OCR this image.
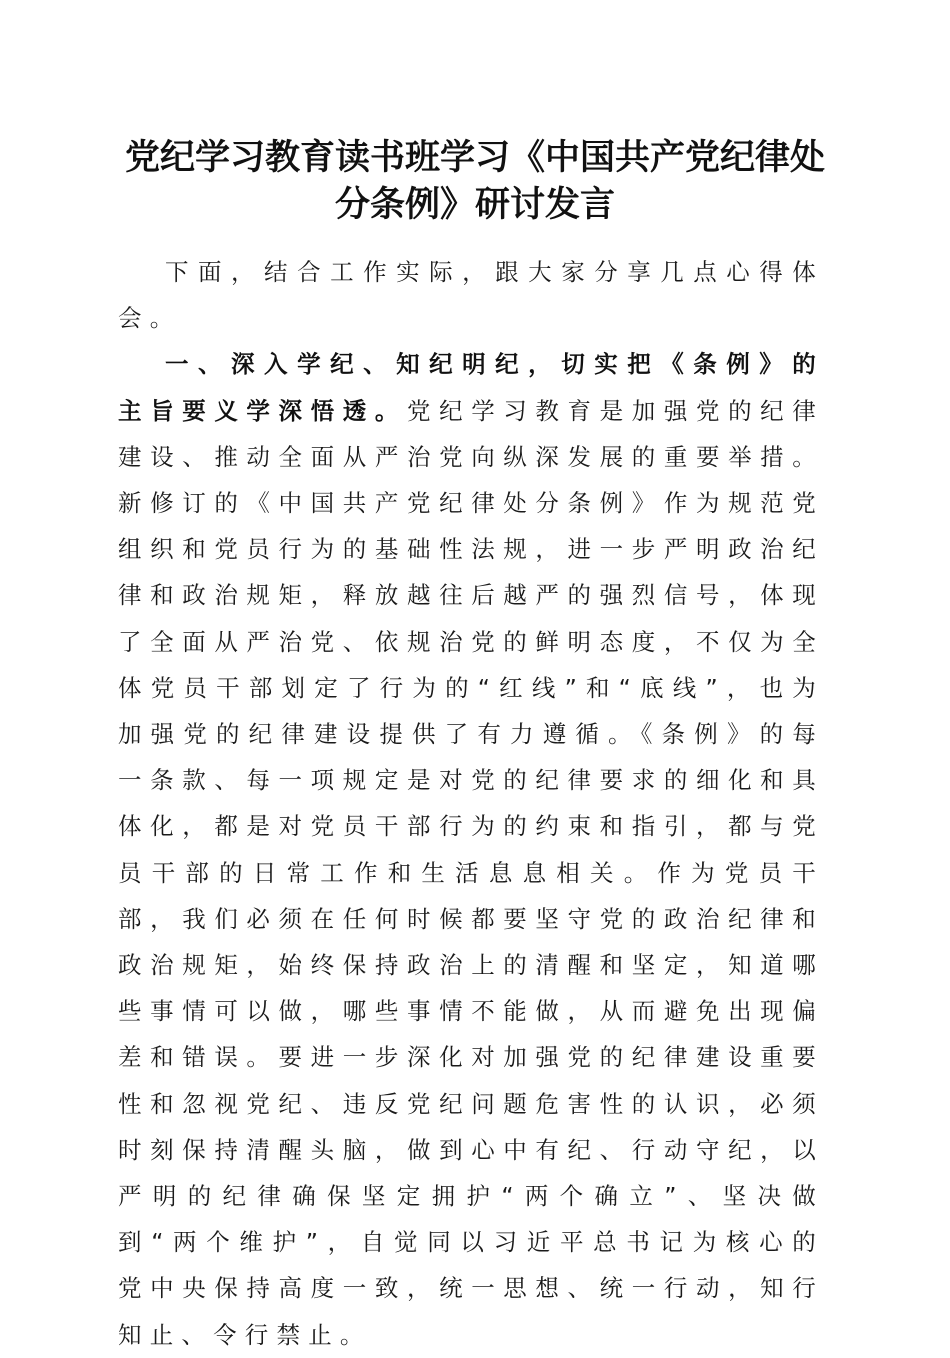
党纪学习教育读书班学习《中国共产党纪律处
分条例》研讨发言

下面，结合工作实际，跟大家分享几点心得体会。

一、深入学纪、知纪明纪，切实把《条例》的主旨要义学深悟透。党纪学习教育是加强党的纪律建设、推动全面从严治党向纵深发展的重要举措。新修订的《中国共产党纪律处分条例》作为规范党组织和党员行为的基础性法规，进一步严明政治纪律和政治规矩，释放越往后越严的强烈信号，体现了全面从严治党、依规治党的鲜明态度，不仅为全体党员干部划定了行为的“红线”和“底线”，也为加强党的纪律建设提供了有力遵循。《条例》的每一条款、每一项规定是对党的纪律要求的细化和具体化，都是对党员干部行为的约束和指引，都与党员干部的日常工作和生活息息相关。作为党员干部，我们必须在任何时候都要坚守党的政治纪律和政治规矩，始终保持政治上的清醒和坚定，知道哪些事情可以做，哪些事情不能做，从而避免出现偏差和错误。要进一步深化对加强党的纪律建设重要性和忽视党纪、违反党纪问题危害性的认识，必须时刻保持清醒头脑，做到心中有纪、行动守纪，以严明的纪律确保坚定拥护“两个确立”、坚决做到“两个维护”，自觉同以习近平总书记为核心的党中央保持高度一致，统一思想、统一行动，知行知止、令行禁止。
